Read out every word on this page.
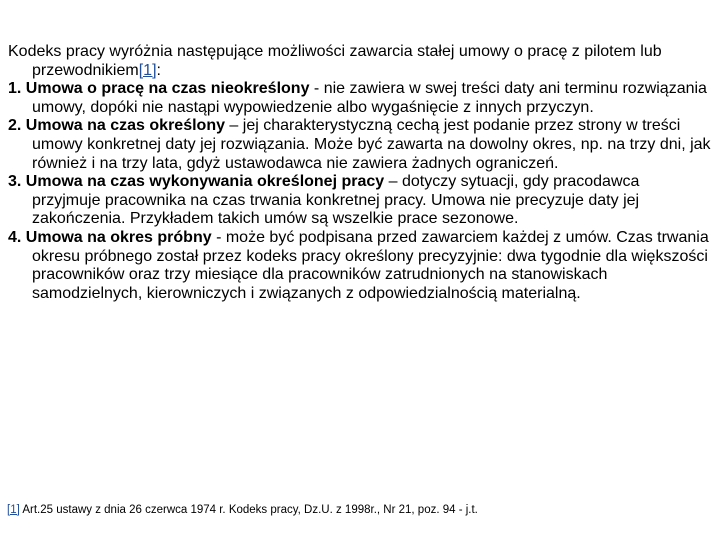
Kodeks pracy wyróżnia następujące możliwości zawarcia stałej umowy o pracę z pilotem lub przewodnikiem[1]:

1. Umowa o pracę na czas nieokreślony - nie zawiera w swej treści daty ani terminu rozwiązania umowy, dopóki nie nastąpi wypowiedzenie albo wygaśnięcie z innych przyczyn.

2. Umowa na czas określony – jej charakterystyczną cechą jest podanie przez strony w treści umowy konkretnej daty jej rozwiązania. Może być zawarta na dowolny okres, np. na trzy dni, jak również i na trzy lata, gdyż ustawodawca nie zawiera żadnych ograniczeń.

3. Umowa na czas wykonywania określonej pracy – dotyczy sytuacji, gdy pracodawca przyjmuje pracownika na czas trwania konkretnej pracy. Umowa nie precyzuje daty jej zakończenia. Przykładem takich umów są wszelkie prace sezonowe.

4. Umowa na okres próbny - może być podpisana przed zawarciem każdej z umów. Czas trwania okresu próbnego został przez kodeks pracy określony precyzyjnie: dwa tygodnie dla większości pracowników oraz trzy miesiące dla pracowników zatrudnionych na stanowiskach samodzielnych, kierowniczych i związanych z odpowiedzialnością materialną.

[1] Art.25 ustawy z dnia 26 czerwca 1974 r. Kodeks pracy, Dz.U. z 1998r., Nr 21, poz. 94 - j.t.
